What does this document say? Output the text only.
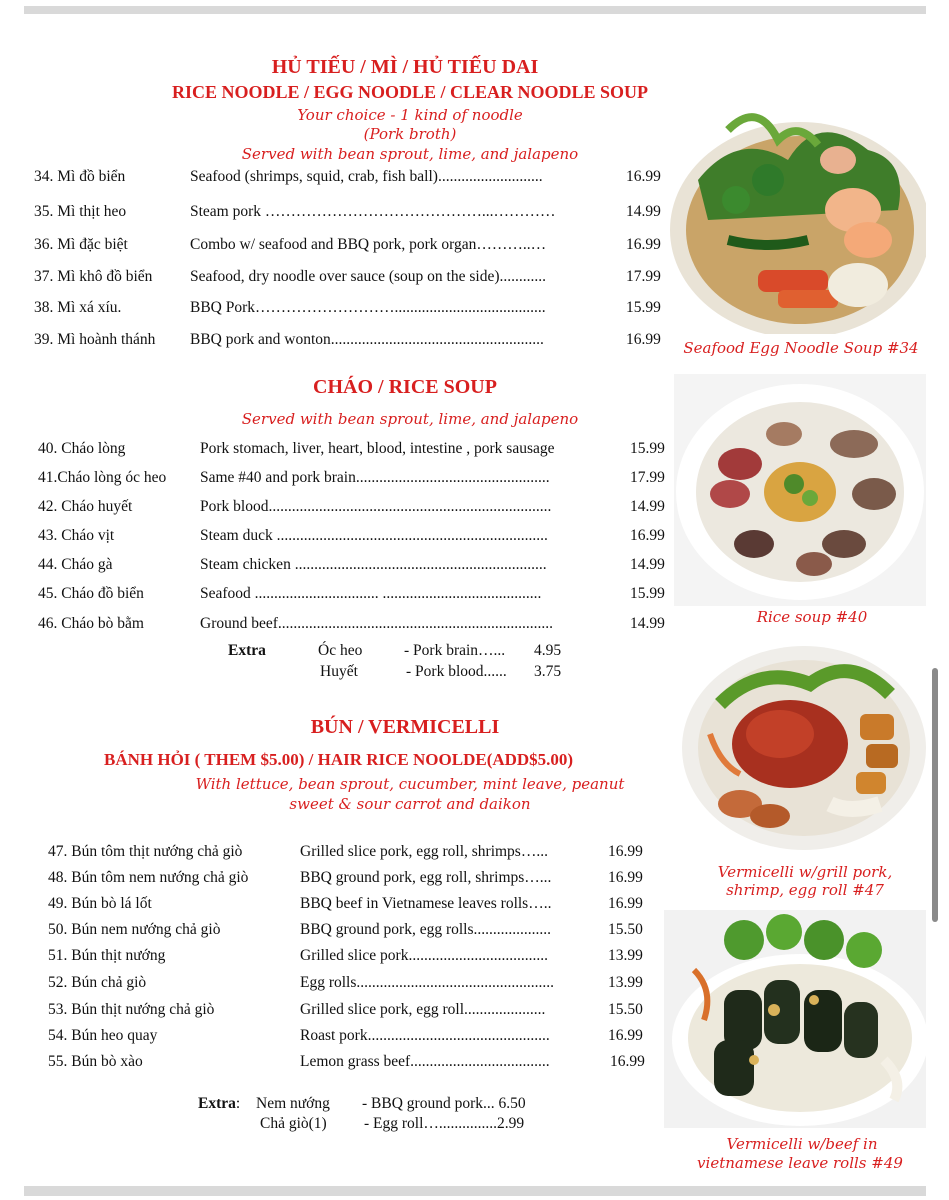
HỦ TIẾU / MÌ / HỦ TIẾU DAI
RICE NOODLE / EGG NOODLE / CLEAR NOODLE SOUP
Your choice - 1 kind of noodle
(Pork broth)
Served with bean sprout, lime, and jalapeno
34. Mì đồ biển	Seafood (shrimps, squid, crab, fish ball)...........................	16.99
35. Mì thịt heo	Steam pork ……………………………………...…………	14.99
36. Mì đặc biệt	Combo w/ seafood and BBQ pork, pork organ………..…	16.99
37. Mì khô đồ biển Seafood, dry noodle over sauce (soup on the side)............	17.99
38. Mì xá xíu.	BBQ Pork……………………….......................................	15.99
39. Mì hoành thánh BBQ pork and wonton.......................................................	16.99	Seafood Egg Noodle Soup #34
CHÁO / RICE SOUP
Served with bean sprout, lime, and jalapeno
40. Cháo lòng	Pork stomach, liver, heart, blood, intestine , pork sausage	15.99
41.Cháo lòng óc heo Same #40 and pork brain..................................................	17.99
42. Cháo huyết	Pork blood.........................................................................	14.99
43. Cháo vịt	Steam duck ......................................................................	16.99
44. Cháo gà	Steam chicken .................................................................	14.99
45. Cháo đồ biển	Seafood ................................ .........................................	15.99
46. Cháo bò bằm	Ground beef.......................................................................	14.99
Extra	Óc heo	- Pork brain…... 4.95
Huyết	- Pork blood...... 3.75
Rice soup #40
BÚN / VERMICELLI
BÁNH HỎI ( THEM $5.00) / HAIR RICE NOOLDE(ADD$5.00)
With lettuce, bean sprout, cucumber, mint leave, peanut
sweet & sour carrot and daikon
47. Bún tôm thịt nướng chả giò	Grilled slice pork, egg roll, shrimps…...	16.99
48. Bún tôm nem nướng chả giò	BBQ ground pork, egg roll, shrimps…...	16.99
49. Bún bò lá lốt	BBQ beef in Vietnamese leaves rolls…..	16.99
50. Bún nem nướng chả giò	BBQ ground pork, egg rolls....................	15.50
51. Bún thịt nướng	Grilled slice pork....................................	13.99
52. Bún chả giò	Egg rolls...................................................	13.99
53. Bún thịt nướng chả giò	Grilled slice pork, egg roll.....................	15.50
54. Bún heo quay	Roast pork...............................................	16.99
55. Bún bò xào	Lemon grass beef....................................	16.99
Extra: Nem nướng - BBQ ground pork... 6.50
Chả giò(1) - Egg roll…...............2.99
Vermicelli w/grill pork,
shrimp, egg roll #47
Vermicelli w/beef in
vietnamese leave rolls #49
